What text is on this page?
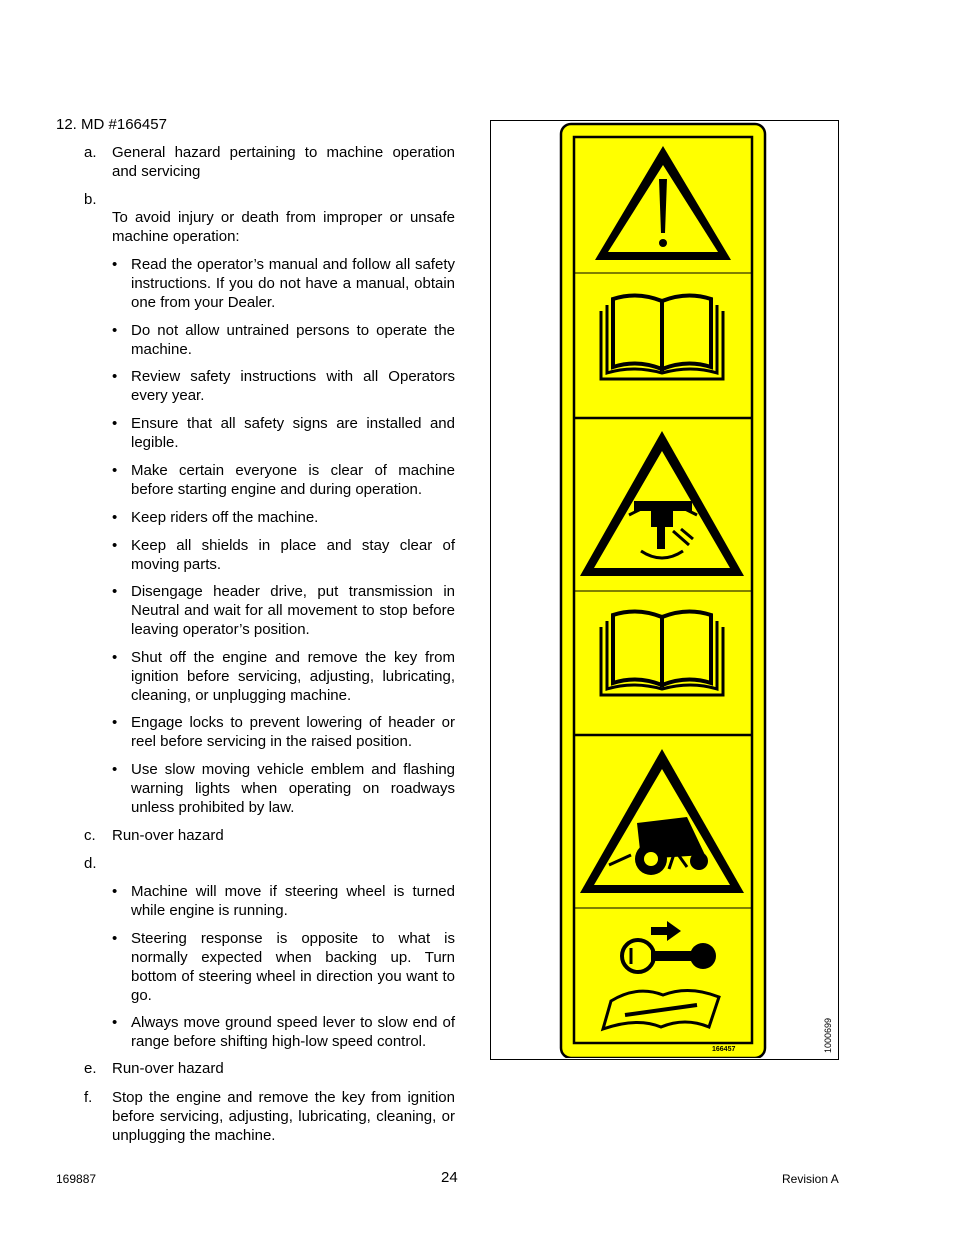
12. MD #166457
a. General hazard pertaining to machine operation and servicing
b.
To avoid injury or death from improper or unsafe machine operation:
• Read the operator’s manual and follow all safety instructions. If you do not have a manual, obtain one from your Dealer.
• Do not allow untrained persons to operate the machine.
• Review safety instructions with all Operators every year.
• Ensure that all safety signs are installed and legible.
• Make certain everyone is clear of machine before starting engine and during operation.
• Keep riders off the machine.
• Keep all shields in place and stay clear of moving parts.
• Disengage header drive, put transmission in Neutral and wait for all movement to stop before leaving operator’s position.
• Shut off the engine and remove the key from ignition before servicing, adjusting, lubricating, cleaning, or unplugging machine.
• Engage locks to prevent lowering of header or reel before servicing in the raised position.
• Use slow moving vehicle emblem and flashing warning lights when operating on roadways unless prohibited by law.
c. Run-over hazard
d.
• Machine will move if steering wheel is turned while engine is running.
• Steering response is opposite to what is normally expected when backing up. Turn bottom of steering wheel in direction you want to go.
• Always move ground speed lever to slow end of range before shifting high-low speed control.
e. Run-over hazard
f. Stop the engine and remove the key from ignition before servicing, adjusting, lubricating, cleaning, or unplugging the machine.
166457	1000699
169887	24	Revision A
